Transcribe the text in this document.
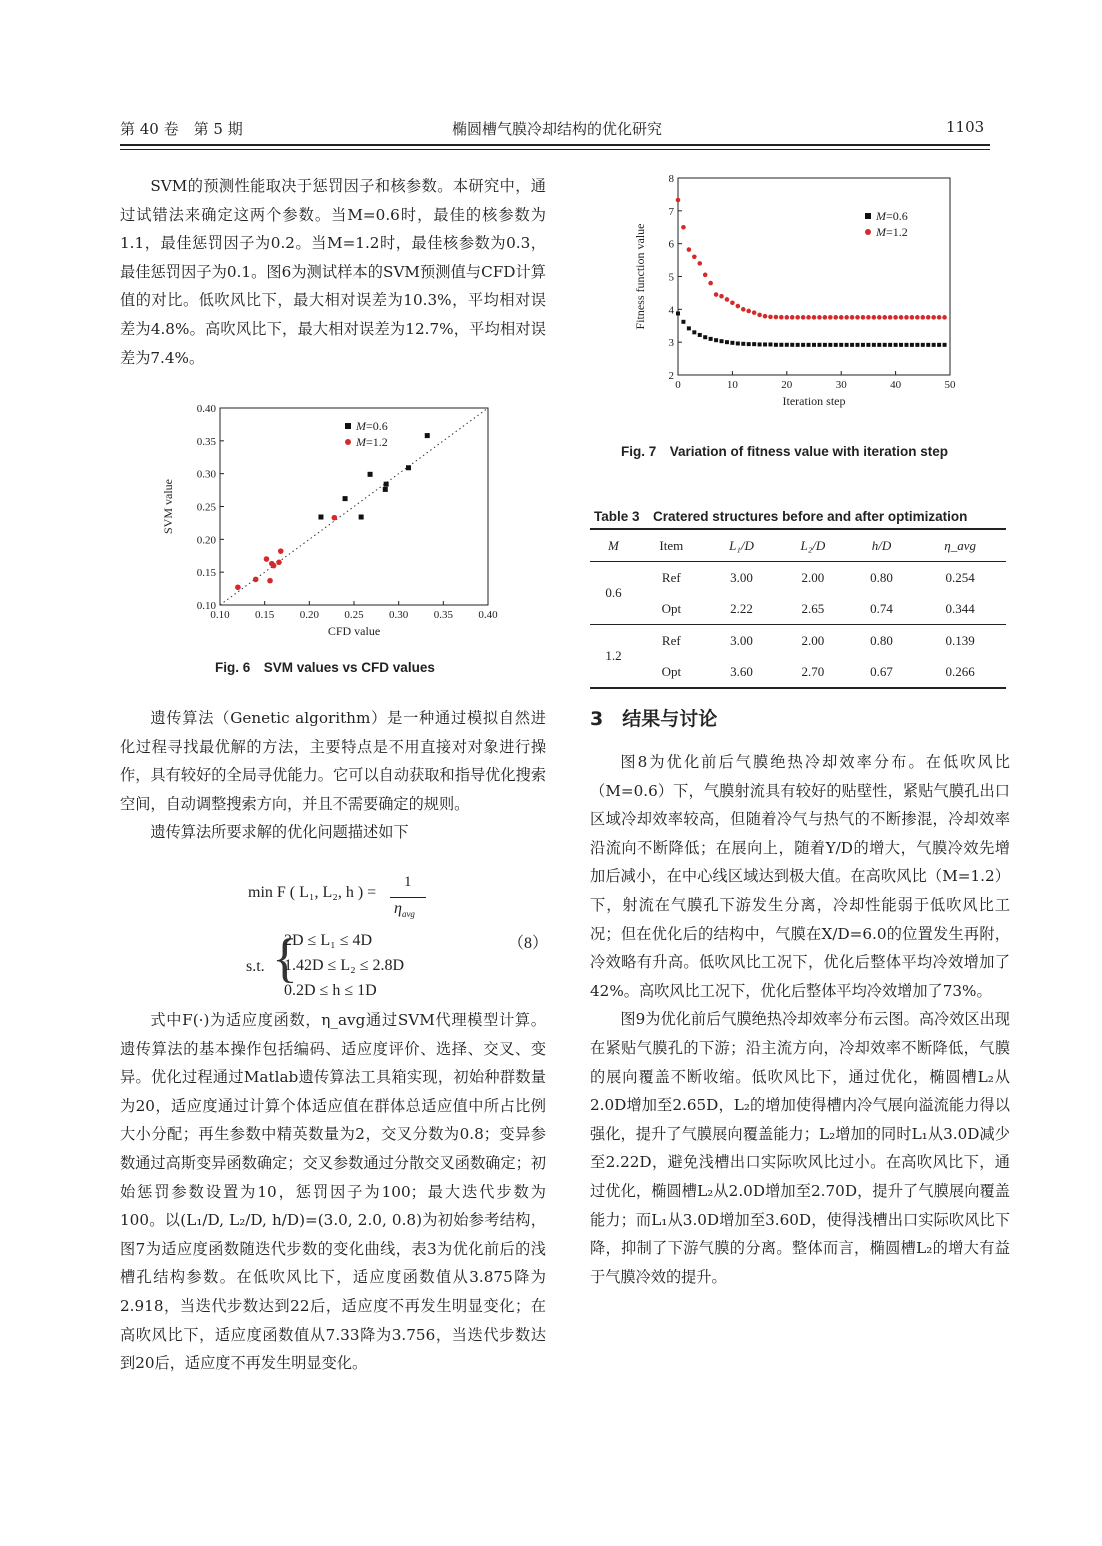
第 40 卷　第 5 期	椭圆槽气膜冷却结构的优化研究	1103

SVM的预测性能取决于惩罚因子和核参数。本研究中，通过试错法来确定这两个参数。当M=0.6时，最佳的核参数为1.1，最佳惩罚因子为0.2。当M=1.2时，最佳核参数为0.3，最佳惩罚因子为0.1。图6为测试样本的SVM预测值与CFD计算值的对比。低吹风比下，最大相对误差为10.3%，平均相对误差为4.8%。高吹风比下，最大相对误差为12.7%，平均相对误差为7.4%。

0.10 0.15 0.20 0.25 0.30 0.35 0.40
0.10
0.15
0.20
0.25
0.30
0.35
0.40
CFD value
SVM value
M=0.6
M=1.2
Fig. 6　SVM values vs CFD values

遗传算法（Genetic algorithm）是一种通过模拟自然进化过程寻找最优解的方法，主要特点是不用直接对对象进行操作，具有较好的全局寻优能力。它可以自动获取和指导优化搜索空间，自动调整搜索方向，并且不需要确定的规则。

遗传算法所要求解的优化问题描述如下

min F ( L₁, L₂, h ) =
1
$\eta_{avg}$
s.t. {
2D ≤ L₁ ≤ 4D
1.42D ≤ L₂ ≤ 2.8D
0.2D ≤ h ≤ 1D
（8）

式中F(·)为适应度函数，η_avg通过SVM代理模型计算。遗传算法的基本操作包括编码、适应度评价、选择、交叉、变异。优化过程通过Matlab遗传算法工具箱实现，初始种群数量为20，适应度通过计算个体适应值在群体总适应值中所占比例大小分配；再生参数中精英数量为2，交叉分数为0.8；变异参数通过高斯变异函数确定；交叉参数通过分散交叉函数确定；初始惩罚参数设置为10，惩罚因子为100；最大迭代步数为100。以(L₁/D, L₂/D, h/D)=(3.0, 2.0, 0.8)为初始参考结构，图7为适应度函数随迭代步数的变化曲线，表3为优化前后的浅槽孔结构参数。在低吹风比下，适应度函数值从3.875降为2.918，当迭代步数达到22后，适应度不再发生明显变化；在高吹风比下，适应度函数值从7.33降为3.756，当迭代步数达到20后，适应度不再发生明显变化。

0	10	20	30	40	50
2
3
4
5
6
7
8
Iteration step
Fitness function value
M=0.6
M=1.2
Fig. 7　Variation of fitness value with iteration step
Table 3　Cratered structures before and after optimization
M	Item	L₁/D	L₂/D	h/D	η_avg
0.6	Ref	3.00	2.00	0.80	0.254
	Opt	2.22	2.65	0.74	0.344
1.2	Ref	3.00	2.00	0.80	0.139
	Opt	3.60	2.70	0.67	0.266
3　结果与讨论

图8为优化前后气膜绝热冷却效率分布。在低吹风比（M=0.6）下，气膜射流具有较好的贴壁性，紧贴气膜孔出口区域冷却效率较高，但随着冷气与热气的不断掺混，冷却效率沿流向不断降低；在展向上，随着Y/D的增大，气膜冷效先增加后减小，在中心线区域达到极大值。在高吹风比（M=1.2）下，射流在气膜孔下游发生分离，冷却性能弱于低吹风比工况；但在优化后的结构中，气膜在X/D=6.0的位置发生再附，冷效略有升高。低吹风比工况下，优化后整体平均冷效增加了42%。高吹风比工况下，优化后整体平均冷效增加了73%。

图9为优化前后气膜绝热冷却效率分布云图。高冷效区出现在紧贴气膜孔的下游；沿主流方向，冷却效率不断降低，气膜的展向覆盖不断收缩。低吹风比下，通过优化，椭圆槽L₂从2.0D增加至2.65D，L₂的增加使得槽内冷气展向溢流能力得以强化，提升了气膜展向覆盖能力；L₂增加的同时L₁从3.0D减少至2.22D，避免浅槽出口实际吹风比过小。在高吹风比下，通过优化，椭圆槽L₂从2.0D增加至2.70D，提升了气膜展向覆盖能力；而L₁从3.0D增加至3.60D，使得浅槽出口实际吹风比下降，抑制了下游气膜的分离。整体而言，椭圆槽L₂的增大有益于气膜冷效的提升。
